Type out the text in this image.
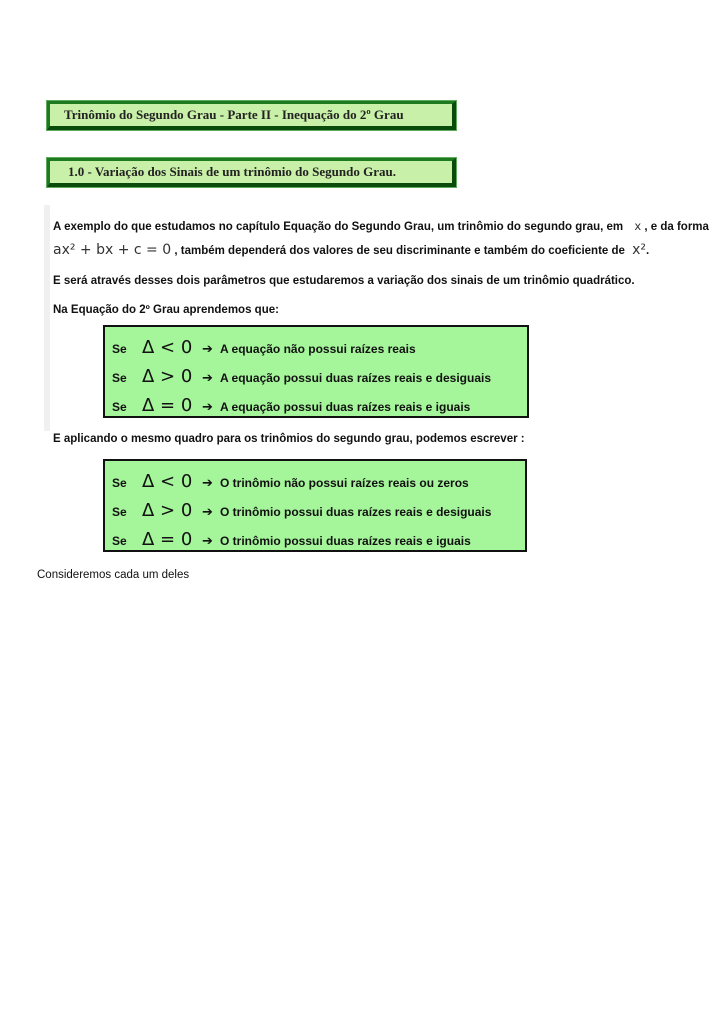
Trinômio do Segundo Grau - Parte II - Inequação do 2º Grau
1.0 - Variação dos Sinais de um trinômio do Segundo Grau.
A exemplo do que estudamos no capítulo Equação do Segundo Grau, um trinômio do segundo grau, em x , e da forma
ax² + bx + c = 0 , também dependerá dos valores de seu discriminante e também do coeficiente de x².
E será através desses dois parâmetros que estudaremos a variação dos sinais de um trinômio quadrático.
Na Equação do 2º Grau aprendemos que:
Se Δ < 0 ➔ A equação não possui raízes reais
Se Δ > 0 ➔ A equação possui duas raízes reais e desiguais
Se Δ = 0 ➔ A equação possui duas raízes reais e iguais
E aplicando o mesmo quadro para os trinômios do segundo grau, podemos escrever :
Se Δ < 0 ➔ O trinômio não possui raízes reais ou zeros
Se Δ > 0 ➔ O trinômio possui duas raízes reais e desiguais
Se Δ = 0 ➔ O trinômio possui duas raízes reais e iguais
Consideremos cada um deles
